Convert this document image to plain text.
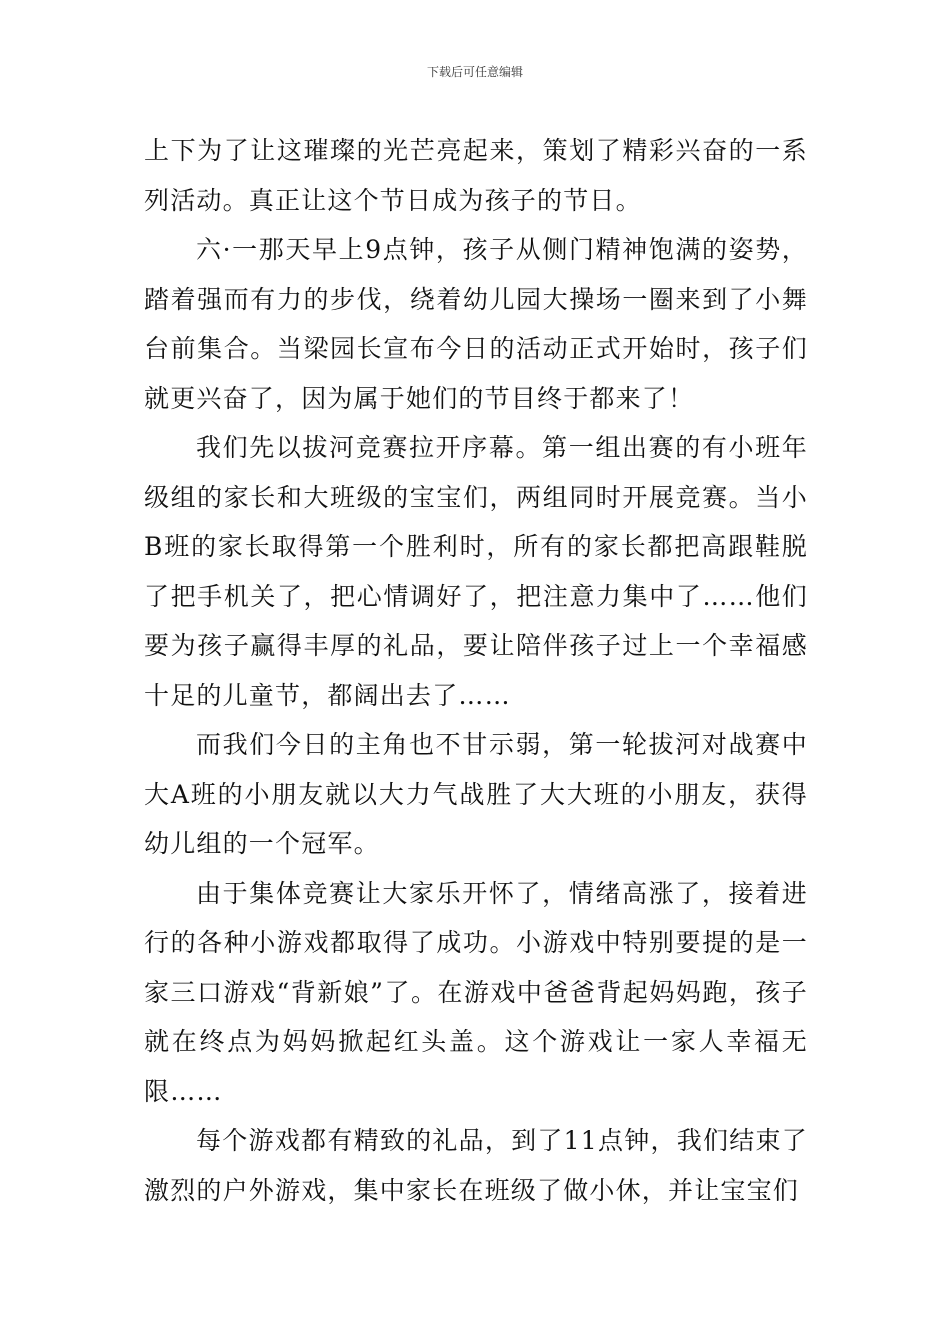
下载后可任意编辑

上下为了让这璀璨的光芒亮起来，策划了精彩兴奋的一系列活动。真正让这个节日成为孩子的节日。

六·一那天早上9点钟，孩子从侧门精神饱满的姿势，踏着强而有力的步伐，绕着幼儿园大操场一圈来到了小舞台前集合。当梁园长宣布今日的活动正式开始时，孩子们就更兴奋了，因为属于她们的节目终于都来了！

我们先以拔河竞赛拉开序幕。第一组出赛的有小班年级组的家长和大班级的宝宝们，两组同时开展竞赛。当小B班的家长取得第一个胜利时，所有的家长都把高跟鞋脱了把手机关了，把心情调好了，把注意力集中了……他们要为孩子赢得丰厚的礼品，要让陪伴孩子过上一个幸福感十足的儿童节，都阔出去了……

而我们今日的主角也不甘示弱，第一轮拔河对战赛中大A班的小朋友就以大力气战胜了大大班的小朋友，获得幼儿组的一个冠军。

由于集体竞赛让大家乐开怀了，情绪高涨了，接着进行的各种小游戏都取得了成功。小游戏中特别要提的是一家三口游戏“背新娘”了。在游戏中爸爸背起妈妈跑，孩子就在终点为妈妈掀起红头盖。这个游戏让一家人幸福无限……

每个游戏都有精致的礼品，到了11点钟，我们结束了激烈的户外游戏，集中家长在班级了做小休，并让宝宝们
